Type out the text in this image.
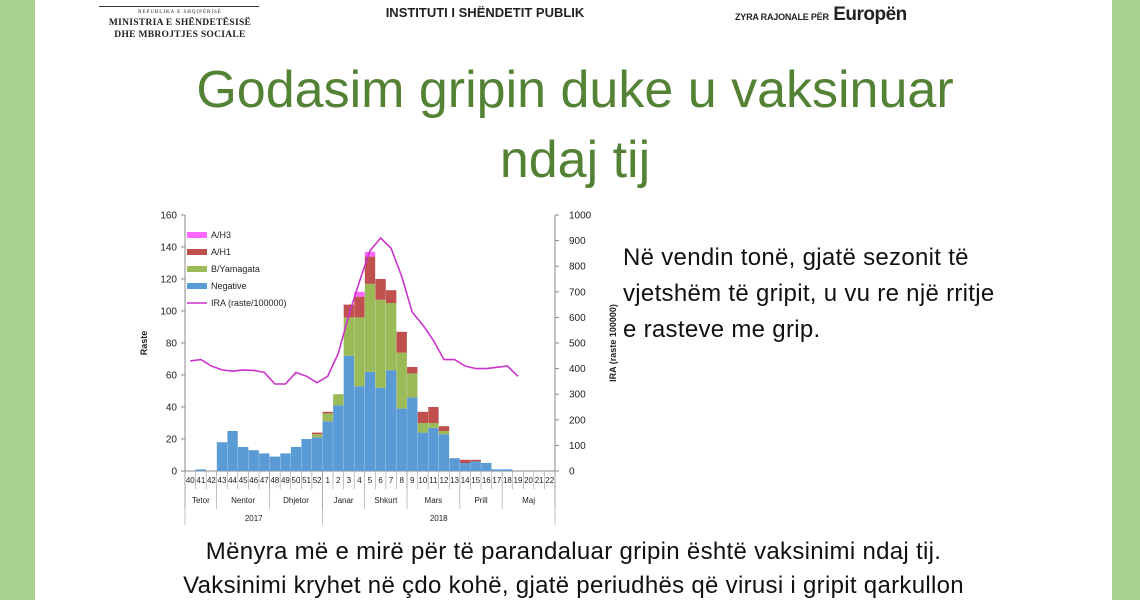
REPUBLIKA E SHQIPËRISË
MINISTRIA E SHËNDETËSISË
DHE MBROJTJES SOCIALE
INSTITUTI I SHËNDETIT PUBLIK	ZYRA RAJONALE PËR Europën
Godasim gripin duke u vaksinuar
ndaj tij
0
20
40
60
80
100
120
140
160
0
100
200
300
400
500
600
700
800
900
1000
Raste	IRA (raste 100000)
40 41 42 43 44 45 46 47 48 49 50 51 52 1 2 3 4 5 6 7 8 9 10 11 12 13 14 15 16 17 18 19 20 21 22
Tetor	Nentor	Dhjetor	Janar	Shkurt	Mars	Prill	Maj
2017	2018
A/H3
A/H1
B/Yamagata
Negative
IRA (raste/100000)
Në vendin tonë, gjatë sezonit të vjetshëm të gripit, u vu re një rritje e rasteve me grip.
Mënyra më e mirë për të parandaluar gripin është vaksinimi ndaj tij.
Vaksinimi kryhet në çdo kohë, gjatë periudhës që virusi i gripit qarkullon
